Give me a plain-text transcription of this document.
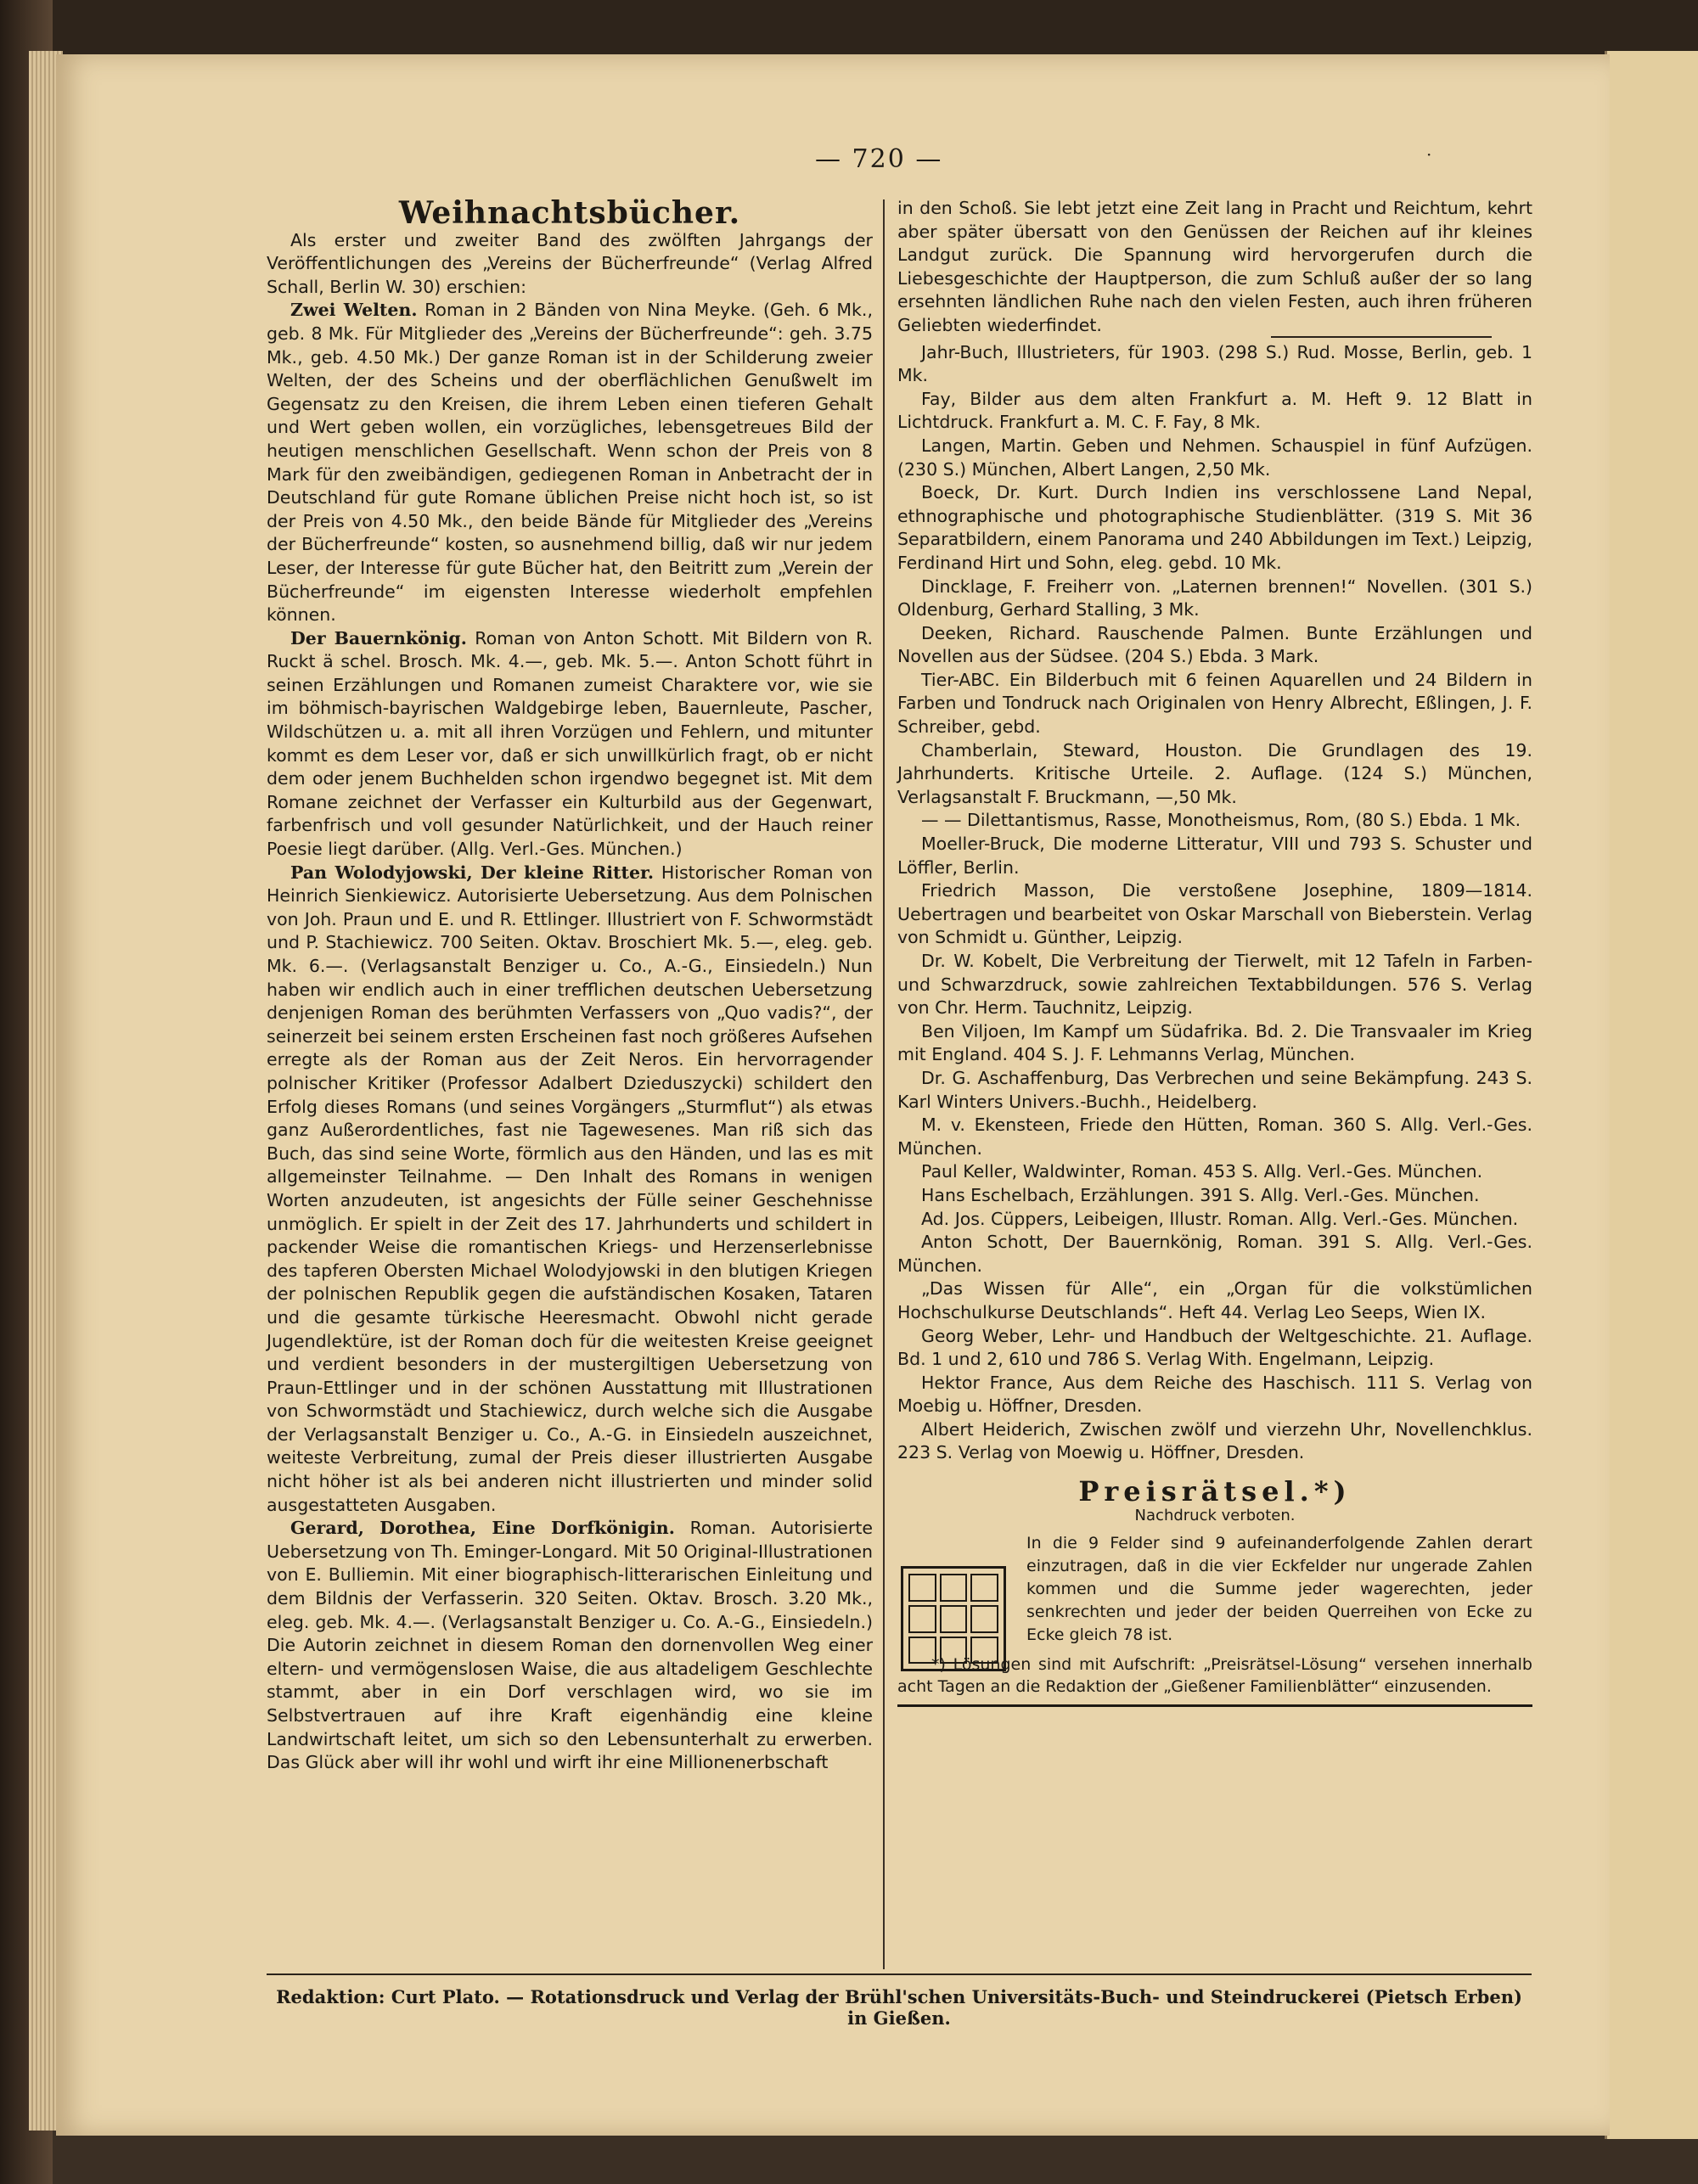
— 720 —	·
Weihnachtsbücher.

Als erster und zweiter Band des zwölften Jahrgangs der Veröffentlichungen des „Vereins der Bücherfreunde“ (Verlag Alfred Schall, Berlin W. 30) erschien:

Zwei Welten. Roman in 2 Bänden von Nina Meyke. (Geh. 6 Mk., geb. 8 Mk. Für Mitglieder des „Vereins der Bücherfreunde“: geh. 3.75 Mk., geb. 4.50 Mk.) Der ganze Roman ist in der Schilderung zweier Welten, der des Scheins und der oberflächlichen Genußwelt im Gegensatz zu den Kreisen, die ihrem Leben einen tieferen Gehalt und Wert geben wollen, ein vorzügliches, lebensgetreues Bild der heutigen menschlichen Gesellschaft. Wenn schon der Preis von 8 Mark für den zweibändigen, gediegenen Roman in Anbetracht der in Deutschland für gute Romane üblichen Preise nicht hoch ist, so ist der Preis von 4.50 Mk., den beide Bände für Mitglieder des „Vereins der Bücherfreunde“ kosten, so ausnehmend billig, daß wir nur jedem Leser, der Interesse für gute Bücher hat, den Beitritt zum „Verein der Bücherfreunde“ im eigensten Interesse wiederholt empfehlen können.

Der Bauernkönig. Roman von Anton Schott. Mit Bildern von R. Ruckt ä schel. Brosch. Mk. 4.—, geb. Mk. 5.—. Anton Schott führt in seinen Erzählungen und Romanen zumeist Charaktere vor, wie sie im böhmisch-bayrischen Waldgebirge leben, Bauernleute, Pascher, Wildschützen u. a. mit all ihren Vorzügen und Fehlern, und mitunter kommt es dem Leser vor, daß er sich unwillkürlich fragt, ob er nicht dem oder jenem Buchhelden schon irgendwo begegnet ist. Mit dem Romane zeichnet der Verfasser ein Kulturbild aus der Gegenwart, farbenfrisch und voll gesunder Natürlichkeit, und der Hauch reiner Poesie liegt darüber. (Allg. Verl.-Ges. München.)

Pan Wolodyjowski, Der kleine Ritter. Historischer Roman von Heinrich Sienkiewicz. Autorisierte Uebersetzung. Aus dem Polnischen von Joh. Praun und E. und R. Ettlinger. Illustriert von F. Schwormstädt und P. Stachiewicz. 700 Seiten. Oktav. Broschiert Mk. 5.—, eleg. geb. Mk. 6.—. (Verlagsanstalt Benziger u. Co., A.-G., Einsiedeln.) Nun haben wir endlich auch in einer trefflichen deutschen Uebersetzung denjenigen Roman des berühmten Verfassers von „Quo vadis?“, der seinerzeit bei seinem ersten Erscheinen fast noch größeres Aufsehen erregte als der Roman aus der Zeit Neros. Ein hervorragender polnischer Kritiker (Professor Adalbert Dzieduszycki) schildert den Erfolg dieses Romans (und seines Vorgängers „Sturmflut“) als etwas ganz Außerordentliches, fast nie Tagewesenes. Man riß sich das Buch, das sind seine Worte, förmlich aus den Händen, und las es mit allgemeinster Teilnahme. — Den Inhalt des Romans in wenigen Worten anzudeuten, ist angesichts der Fülle seiner Geschehnisse unmöglich. Er spielt in der Zeit des 17. Jahrhunderts und schildert in packender Weise die romantischen Kriegs- und Herzenserlebnisse des tapferen Obersten Michael Wolodyjowski in den blutigen Kriegen der polnischen Republik gegen die aufständischen Kosaken, Tataren und die gesamte türkische Heeresmacht. Obwohl nicht gerade Jugendlektüre, ist der Roman doch für die weitesten Kreise geeignet und verdient besonders in der mustergiltigen Uebersetzung von Praun-Ettlinger und in der schönen Ausstattung mit Illustrationen von Schwormstädt und Stachiewicz, durch welche sich die Ausgabe der Verlagsanstalt Benziger u. Co., A.-G. in Einsiedeln auszeichnet, weiteste Verbreitung, zumal der Preis dieser illustrierten Ausgabe nicht höher ist als bei anderen nicht illustrierten und minder solid ausgestatteten Ausgaben.

Gerard, Dorothea, Eine Dorfkönigin. Roman. Autorisierte Uebersetzung von Th. Eminger-Longard. Mit 50 Original-Illustrationen von E. Bulliemin. Mit einer biographisch-litterarischen Einleitung und dem Bildnis der Verfasserin. 320 Seiten. Oktav. Brosch. 3.20 Mk., eleg. geb. Mk. 4.—. (Verlagsanstalt Benziger u. Co. A.-G., Einsiedeln.) Die Autorin zeichnet in diesem Roman den dornenvollen Weg einer eltern- und vermögenslosen Waise, die aus altadeligem Geschlechte stammt, aber in ein Dorf verschlagen wird, wo sie im Selbstvertrauen auf ihre Kraft eigenhändig eine kleine Landwirtschaft leitet, um sich so den Lebensunterhalt zu erwerben. Das Glück aber will ihr wohl und wirft ihr eine Millionenerbschaft

in den Schoß. Sie lebt jetzt eine Zeit lang in Pracht und Reichtum, kehrt aber später übersatt von den Genüssen der Reichen auf ihr kleines Landgut zurück. Die Spannung wird hervorgerufen durch die Liebesgeschichte der Hauptperson, die zum Schluß außer der so lang ersehnten ländlichen Ruhe nach den vielen Festen, auch ihren früheren Geliebten wiederfindet.

Jahr-Buch, Illustrieters, für 1903. (298 S.) Rud. Mosse, Berlin, geb. 1 Mk.

Fay, Bilder aus dem alten Frankfurt a. M. Heft 9. 12 Blatt in Lichtdruck. Frankfurt a. M. C. F. Fay, 8 Mk.

Langen, Martin. Geben und Nehmen. Schauspiel in fünf Aufzügen. (230 S.) München, Albert Langen, 2,50 Mk.

Boeck, Dr. Kurt. Durch Indien ins verschlossene Land Nepal, ethnographische und photographische Studienblätter. (319 S. Mit 36 Separatbildern, einem Panorama und 240 Abbildungen im Text.) Leipzig, Ferdinand Hirt und Sohn, eleg. gebd. 10 Mk.

Dincklage, F. Freiherr von. „Laternen brennen!“ Novellen. (301 S.) Oldenburg, Gerhard Stalling, 3 Mk.

Deeken, Richard. Rauschende Palmen. Bunte Erzählungen und Novellen aus der Südsee. (204 S.) Ebda. 3 Mark.

Tier-ABC. Ein Bilderbuch mit 6 feinen Aquarellen und 24 Bildern in Farben und Tondruck nach Originalen von Henry Albrecht, Eßlingen, J. F. Schreiber, gebd.

Chamberlain, Steward, Houston. Die Grundlagen des 19. Jahrhunderts. Kritische Urteile. 2. Auflage. (124 S.) München, Verlagsanstalt F. Bruckmann, —,50 Mk.

— — Dilettantismus, Rasse, Monotheismus, Rom, (80 S.) Ebda. 1 Mk.

Moeller-Bruck, Die moderne Litteratur, VIII und 793 S. Schuster und Löffler, Berlin.

Friedrich Masson, Die verstoßene Josephine, 1809—1814. Uebertragen und bearbeitet von Oskar Marschall von Bieberstein. Verlag von Schmidt u. Günther, Leipzig.

Dr. W. Kobelt, Die Verbreitung der Tierwelt, mit 12 Tafeln in Farben- und Schwarzdruck, sowie zahlreichen Textabbildungen. 576 S. Verlag von Chr. Herm. Tauchnitz, Leipzig.

Ben Viljoen, Im Kampf um Südafrika. Bd. 2. Die Transvaaler im Krieg mit England. 404 S. J. F. Lehmanns Verlag, München.

Dr. G. Aschaffenburg, Das Verbrechen und seine Bekämpfung. 243 S. Karl Winters Univers.-Buchh., Heidelberg.

M. v. Ekensteen, Friede den Hütten, Roman. 360 S. Allg. Verl.-Ges. München.

Paul Keller, Waldwinter, Roman. 453 S. Allg. Verl.-Ges. München.

Hans Eschelbach, Erzählungen. 391 S. Allg. Verl.-Ges. München.

Ad. Jos. Cüppers, Leibeigen, Illustr. Roman. Allg. Verl.-Ges. München.

Anton Schott, Der Bauernkönig, Roman. 391 S. Allg. Verl.-Ges. München.

„Das Wissen für Alle“, ein „Organ für die volkstümlichen Hochschulkurse Deutschlands“. Heft 44. Verlag Leo Seeps, Wien IX.

Georg Weber, Lehr- und Handbuch der Weltgeschichte. 21. Auflage. Bd. 1 und 2, 610 und 786 S. Verlag With. Engelmann, Leipzig.

Hektor France, Aus dem Reiche des Haschisch. 111 S. Verlag von Moebig u. Höffner, Dresden.

Albert Heiderich, Zwischen zwölf und vierzehn Uhr, Novellenchklus. 223 S. Verlag von Moewig u. Höffner, Dresden.

Preisrätsel.*)
Nachdruck verboten.

In die 9 Felder sind 9 aufeinanderfolgende Zahlen derart einzutragen, daß in die vier Eckfelder nur ungerade Zahlen kommen und die Summe jeder wagerechten, jeder senkrechten und jeder der beiden Querreihen von Ecke zu Ecke gleich 78 ist.

*) Lösungen sind mit Aufschrift: „Preisrätsel-Lösung“ versehen innerhalb acht Tagen an die Redaktion der „Gießener Familienblätter“ einzusenden.

Redaktion: Curt Plato. — Rotationsdruck und Verlag der Brühl'schen Universitäts-Buch- und Steindruckerei (Pietsch Erben) in Gießen.
